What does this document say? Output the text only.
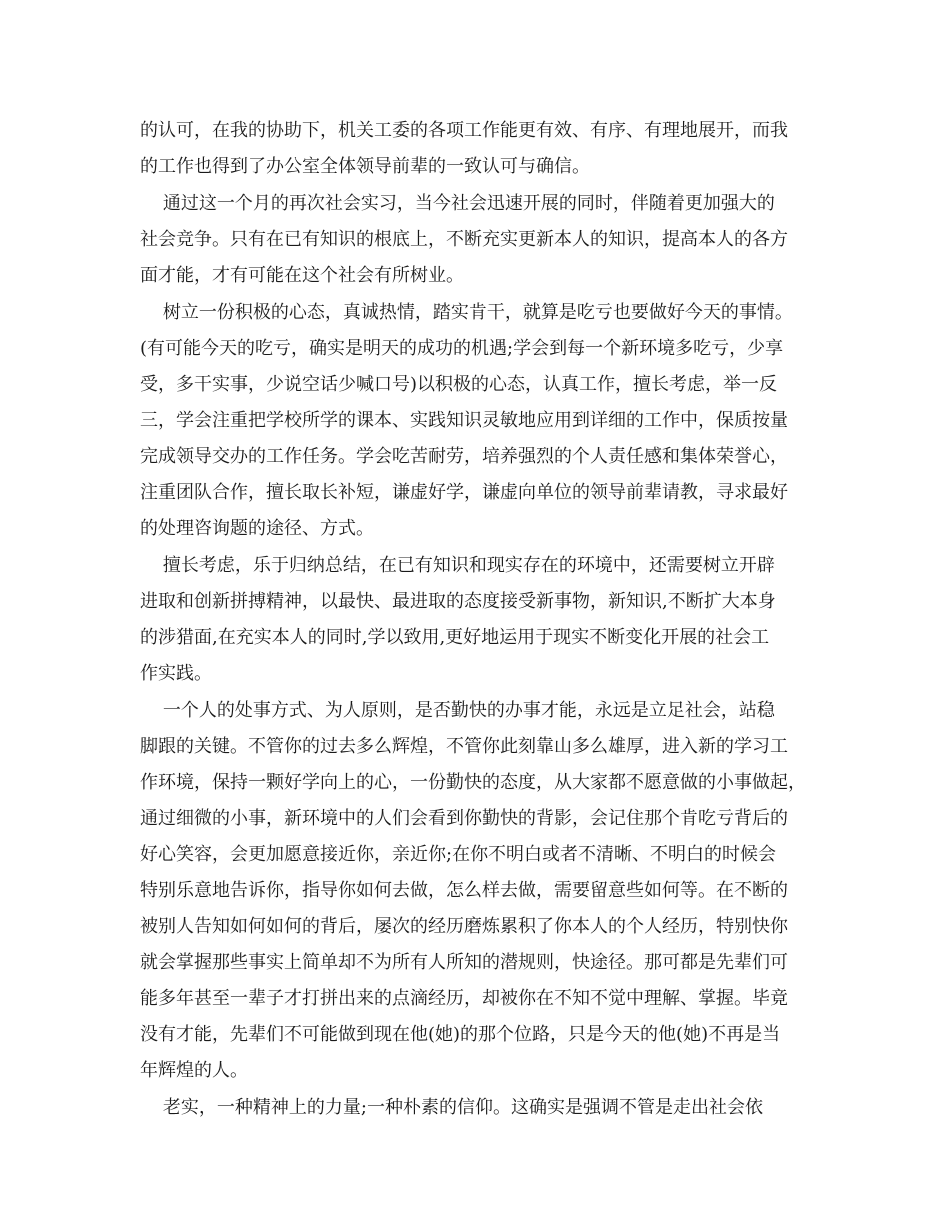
的认可，在我的协助下，机关工委的各项工作能更有效、有序、有理地展开，而我
的工作也得到了办公室全体领导前辈的一致认可与确信。
通过这一个月的再次社会实习，当今社会迅速开展的同时，伴随着更加强大的
社会竞争。只有在已有知识的根底上，不断充实更新本人的知识，提高本人的各方
面才能，才有可能在这个社会有所树业。
树立一份积极的心态，真诚热情，踏实肯干，就算是吃亏也要做好今天的事情。
(有可能今天的吃亏，确实是明天的成功的机遇;学会到每一个新环境多吃亏，少享
受，多干实事，少说空话少喊口号)以积极的心态，认真工作，擅长考虑，举一反
三，学会注重把学校所学的课本、实践知识灵敏地应用到详细的工作中，保质按量
完成领导交办的工作任务。学会吃苦耐劳，培养强烈的个人责任感和集体荣誉心，
注重团队合作，擅长取长补短，谦虚好学，谦虚向单位的领导前辈请教，寻求最好
的处理咨询题的途径、方式。
擅长考虑，乐于归纳总结，在已有知识和现实存在的环境中，还需要树立开辟
进取和创新拼搏精神，以最快、最进取的态度接受新事物，新知识,不断扩大本身
的涉猎面,在充实本人的同时,学以致用,更好地运用于现实不断变化开展的社会工
作实践。
一个人的处事方式、为人原则，是否勤快的办事才能，永远是立足社会，站稳
脚跟的关键。不管你的过去多么辉煌，不管你此刻靠山多么雄厚，进入新的学习工
作环境，保持一颗好学向上的心，一份勤快的态度，从大家都不愿意做的小事做起，
通过细微的小事，新环境中的人们会看到你勤快的背影，会记住那个肯吃亏背后的
好心笑容，会更加愿意接近你，亲近你;在你不明白或者不清晰、不明白的时候会
特别乐意地告诉你，指导你如何去做，怎么样去做，需要留意些如何等。在不断的
被别人告知如何如何的背后，屡次的经历磨炼累积了你本人的个人经历，特别快你
就会掌握那些事实上简单却不为所有人所知的潜规则，快途径。那可都是先辈们可
能多年甚至一辈子才打拼出来的点滴经历，却被你在不知不觉中理解、掌握。毕竟
没有才能，先辈们不可能做到现在他(她)的那个位路，只是今天的他(她)不再是当
年辉煌的人。
老实，一种精神上的力量;一种朴素的信仰。这确实是强调不管是走出社会依
